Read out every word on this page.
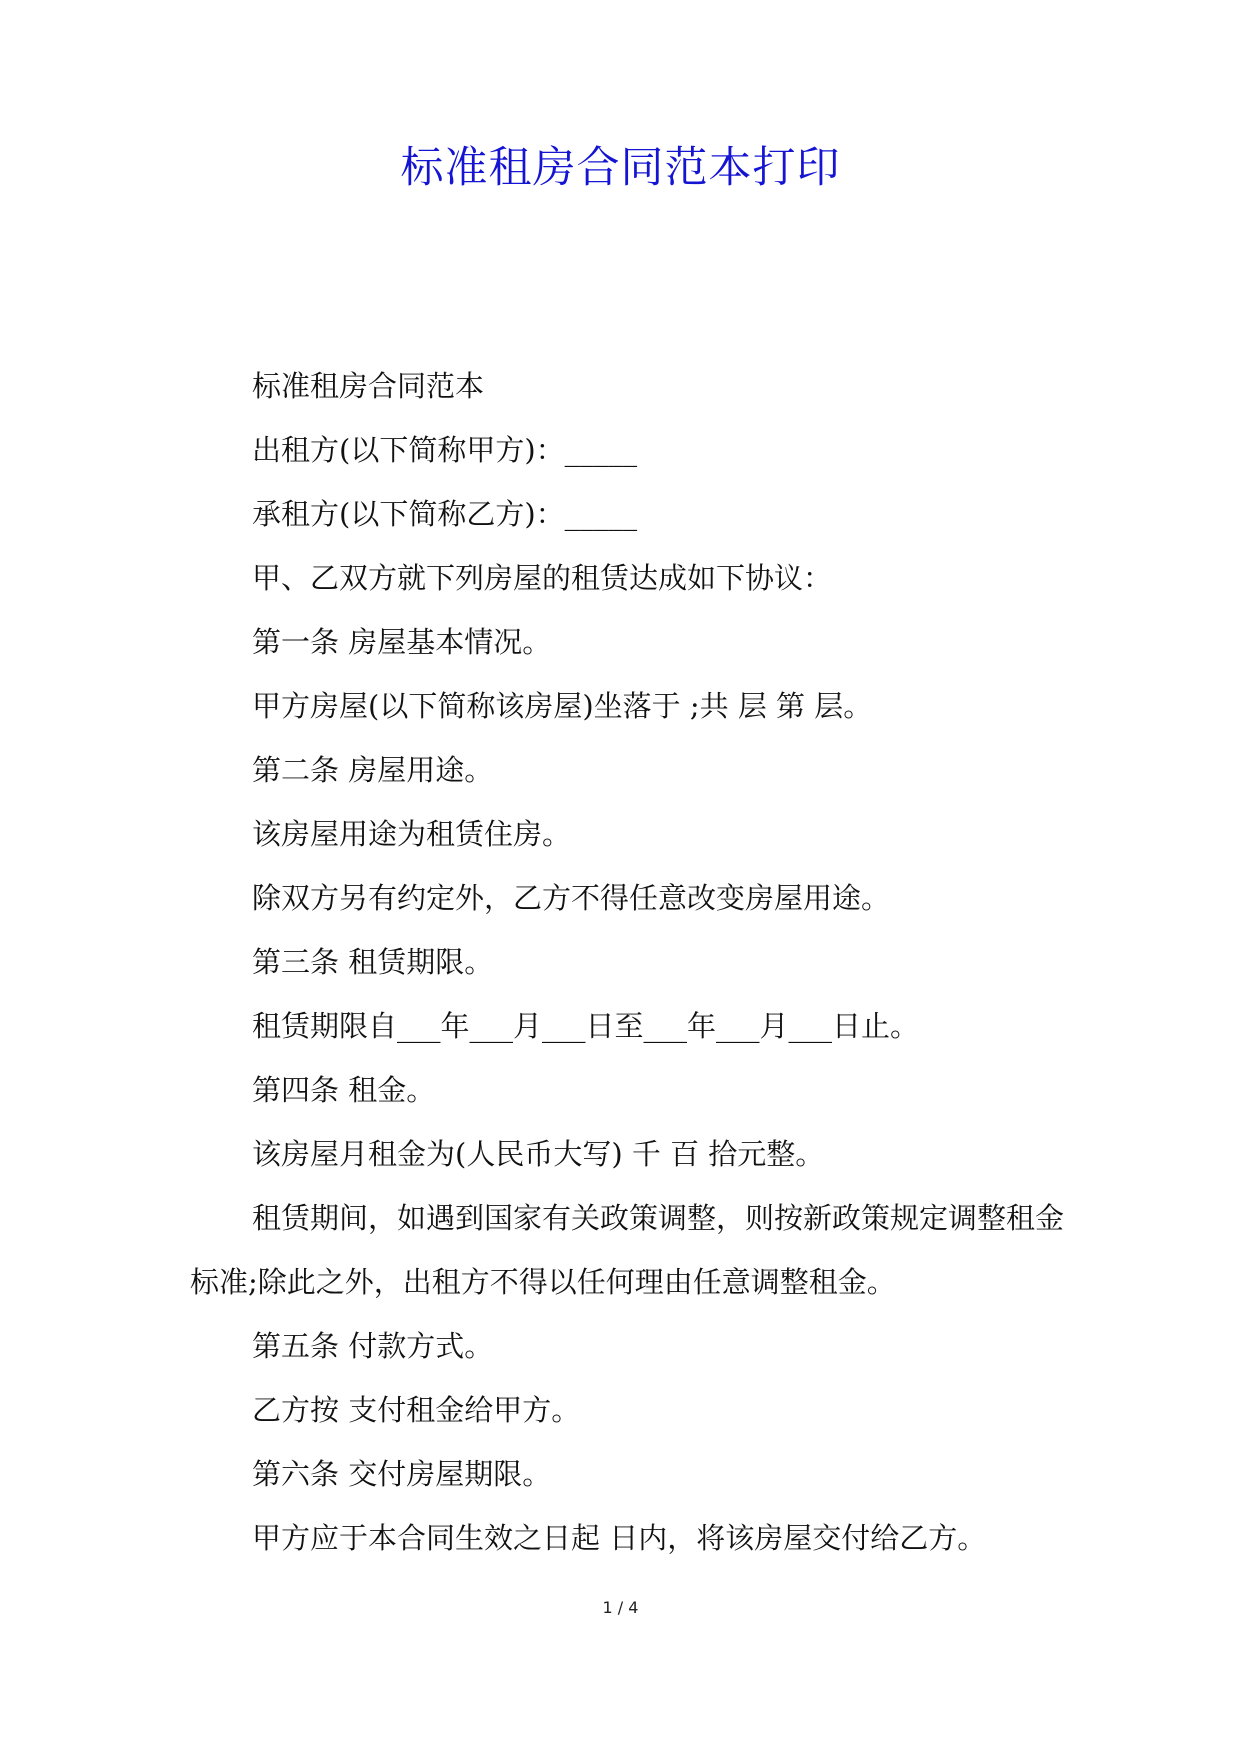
标准租房合同范本打印

标准租房合同范本

出租方(以下简称甲方)：_____

承租方(以下简称乙方)：_____

甲、乙双方就下列房屋的租赁达成如下协议：

第一条 房屋基本情况。

甲方房屋(以下简称该房屋)坐落于 ;共 层 第 层。

第二条 房屋用途。

该房屋用途为租赁住房。

除双方另有约定外，乙方不得任意改变房屋用途。

第三条 租赁期限。

租赁期限自___年___月___日至___年___月___日止。

第四条 租金。

该房屋月租金为(人民币大写) 千 百 拾元整。

租赁期间，如遇到国家有关政策调整，则按新政策规定调整租金标准;除此之外，出租方不得以任何理由任意调整租金。

第五条 付款方式。

乙方按 支付租金给甲方。

第六条 交付房屋期限。

甲方应于本合同生效之日起 日内，将该房屋交付给乙方。

1 / 4
